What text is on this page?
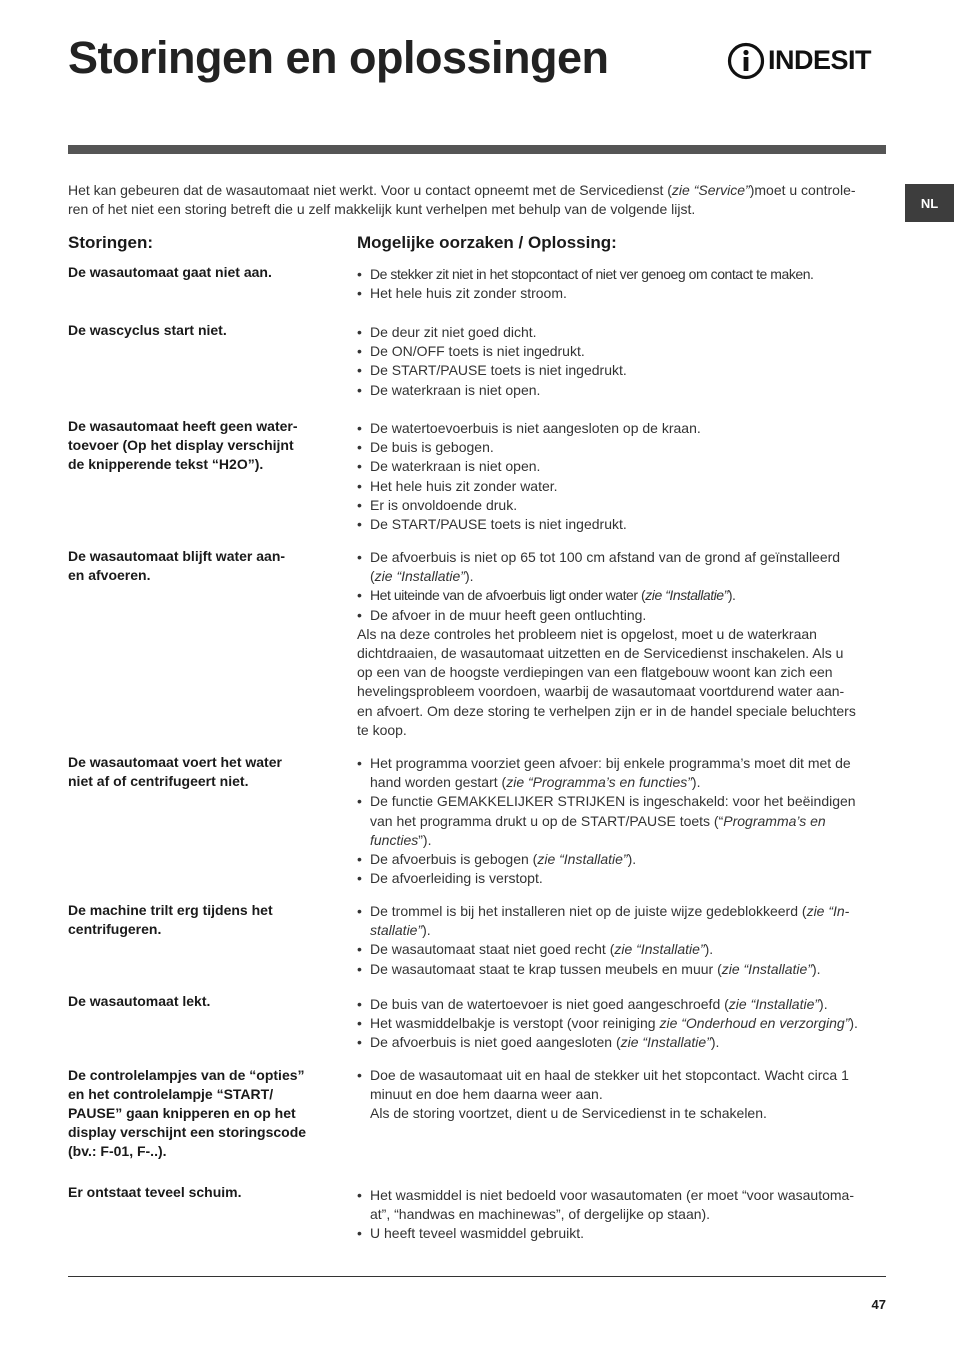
Storingen en oplossingen	INDESIT
NL

Het kan gebeuren dat de wasautomaat niet werkt. Voor u contact opneemt met de Servicedienst (zie “Service”)moet u controle-
ren of het niet een storing betreft die u zelf makkelijk kunt verhelpen met behulp van de volgende lijst.

Storingen:	Mogelijke oorzaken / Oplossing:

De wasautomaat gaat niet aan.	• De stekker zit niet in het stopcontact of niet ver genoeg om contact te maken.
• Het hele huis zit zonder stroom.

De wascyclus start niet.	• De deur zit niet goed dicht.
• De ON/OFF toets is niet ingedrukt.
• De START/PAUSE toets is niet ingedrukt.
• De waterkraan is niet open.

De wasautomaat heeft geen water-
toevoer (Op het display verschijnt
de knipperende tekst “H2O”).

• De watertoevoerbuis is niet aangesloten op de kraan.
• De buis is gebogen.
• De waterkraan is niet open.
• Het hele huis zit zonder water.
• Er is onvoldoende druk.
• De START/PAUSE toets is niet ingedrukt.

De wasautomaat blijft water aan-
en afvoeren.

• De afvoerbuis is niet op 65 tot 100 cm afstand van de grond af geïnstalleerd
(zie “Installatie”).
• Het uiteinde van de afvoerbuis ligt onder water (zie “Installatie”).
• De afvoer in de muur heeft geen ontluchting.

Als na deze controles het probleem niet is opgelost, moet u de waterkraan
dichtdraaien, de wasautomaat uitzetten en de Servicedienst inschakelen. Als u
op een van de hoogste verdiepingen van een flatgebouw woont kan zich een
hevelingsprobleem voordoen, waarbij de wasautomaat voortdurend water aan-
en afvoert. Om deze storing te verhelpen zijn er in de handel speciale beluchters
te koop.

De wasautomaat voert het water
niet af of centrifugeert niet.

• Het programma voorziet geen afvoer: bij enkele programma’s moet dit met de
hand worden gestart (zie “Programma’s en functies”).
• De functie GEMAKKELIJKER STRIJKEN is ingeschakeld: voor het beëindigen
van het programma drukt u op de START/PAUSE toets (“Programma’s en
functies”).
• De afvoerbuis is gebogen (zie “Installatie”).
• De afvoerleiding is verstopt.

De machine trilt erg tijdens het
centrifugeren.

• De trommel is bij het installeren niet op de juiste wijze gedeblokkeerd (zie “In-
stallatie”).
• De wasautomaat staat niet goed recht (zie “Installatie”).
• De wasautomaat staat te krap tussen meubels en muur (zie “Installatie”).

De wasautomaat lekt.	• De buis van de watertoevoer is niet goed aangeschroefd (zie “Installatie”).
• Het wasmiddelbakje is verstopt (voor reiniging zie “Onderhoud en verzorging”).
• De afvoerbuis is niet goed aangesloten (zie “Installatie”).

De controlelampjes van de “opties”
en het controlelampje “START/
PAUSE” gaan knipperen en op het
display verschijnt een storingscode
(bv.: F-01, F-..).

• Doe de wasautomaat uit en haal de stekker uit het stopcontact. Wacht circa 1
minuut en doe hem daarna weer aan.
Als de storing voortzet, dient u de Servicedienst in te schakelen.

Er ontstaat teveel schuim.	• Het wasmiddel is niet bedoeld voor wasautomaten (er moet “voor wasautoma-
at”, “handwas en machinewas”, of dergelijke op staan).
• U heeft teveel wasmiddel gebruikt.
47
